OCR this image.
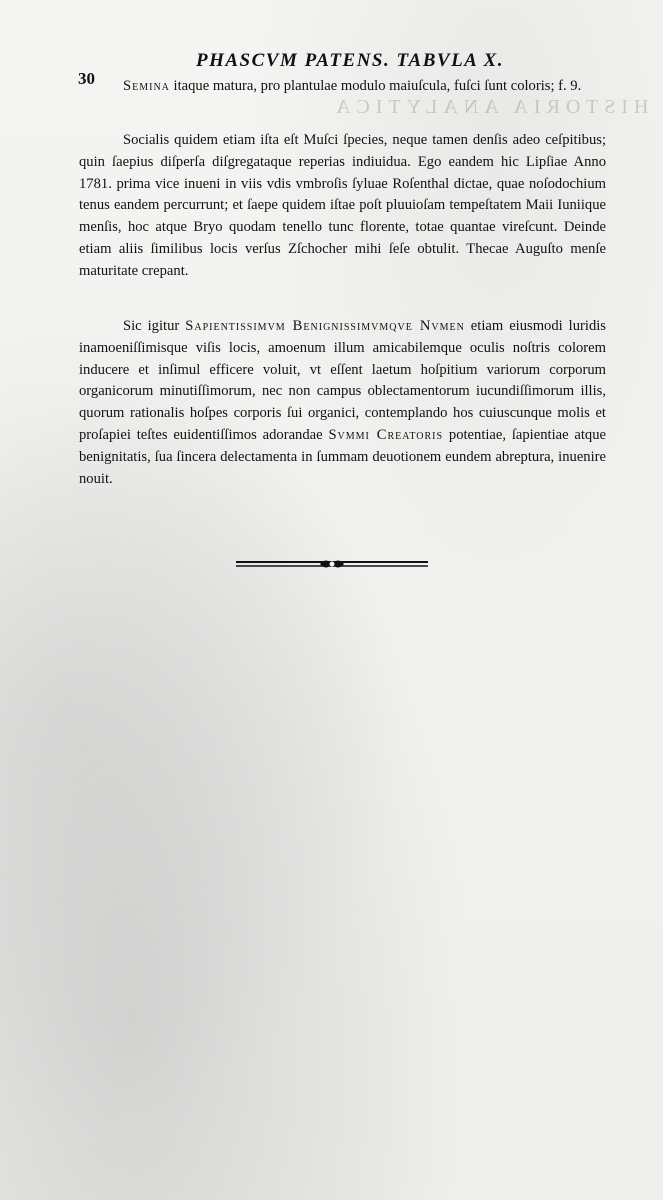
HISTORIA ANALYTICA
30
PHASCVM PATENS. TABVLA X.
Semina itaque matura, pro plantulae modulo maiuſcula, fuſci ſunt coloris; f. 9.
Socialis quidem etiam iſta eſt Muſci ſpecies, neque tamen denſis adeo ceſpitibus; quin ſaepius diſperſa diſgregataque reperias indiuidua. Ego eandem hic Lipſiae Anno 1781. prima vice inueni in viis vdis vmbroſis ſyluae Roſenthal dictae, quae noſodochium tenus eandem percurrunt; et ſaepe quidem iſtae poſt pluuioſam tempeſtatem Maii Iuniique menſis, hoc atque Bryo quodam tenello tunc florente, totae quantae vireſcunt. Deinde etiam aliis ſimilibus locis verſus Zſchocher mihi ſeſe obtulit. Thecae Auguſto menſe maturitate crepant.
Sic igitur Sapientissimvm Benignissimvmqve Nvmen etiam eiusmodi luridis inamoeniſſimisque viſis locis, amoenum illum amicabilemque oculis noſtris colorem inducere et inſimul efficere voluit, vt eſſent laetum hoſpitium variorum corporum organicorum minutiſſimorum, nec non campus oblectamentorum iucundiſſimorum illis, quorum rationalis hoſpes corporis ſui organici, contemplando hos cuiuscunque molis et proſapiei teſtes euidentiſſimos adorandae Svmmi Creatoris potentiae, ſapientiae atque benignitatis, ſua ſincera delectamenta in ſummam deuotionem eundem abreptura, inuenire nouit.
